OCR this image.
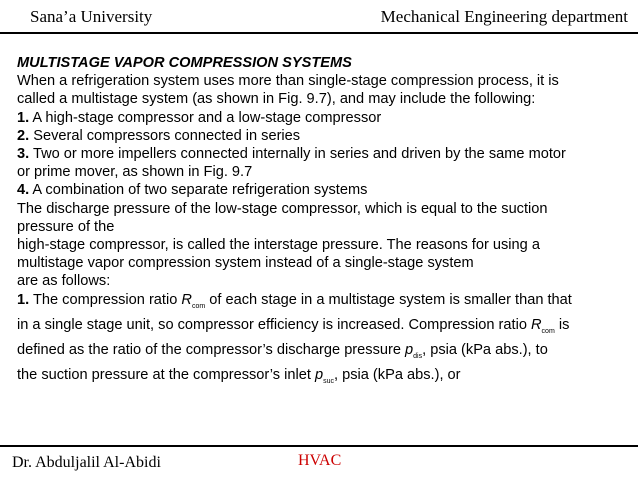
Sana’a University	Mechanical Engineering department
MULTISTAGE VAPOR COMPRESSION SYSTEMS
When a refrigeration system uses more than single-stage compression process, it is
called a multistage system (as shown in Fig. 9.7), and may include the following:
1. A high-stage compressor and a low-stage compressor
2. Several compressors connected in series
3. Two or more impellers connected internally in series and driven by the same motor
or prime mover, as shown in Fig. 9.7
4. A combination of two separate refrigeration systems
The discharge pressure of the low-stage compressor, which is equal to the suction
pressure of the
high-stage compressor, is called the interstage pressure. The reasons for using a
multistage vapor compression system instead of a single-stage system
are as follows:
1. The compression ratio $R_{com}$ of each stage in a multistage system is smaller than that
in a single stage unit, so compressor efficiency is increased. Compression ratio $R_{com}$ is
defined as the ratio of the compressor’s discharge pressure $p_{dis}$, psia (kPa abs.), to
the suction pressure at the compressor’s inlet $p_{suc}$, psia (kPa abs.), or
Dr. Abduljalil Al-Abidi	HVAC
